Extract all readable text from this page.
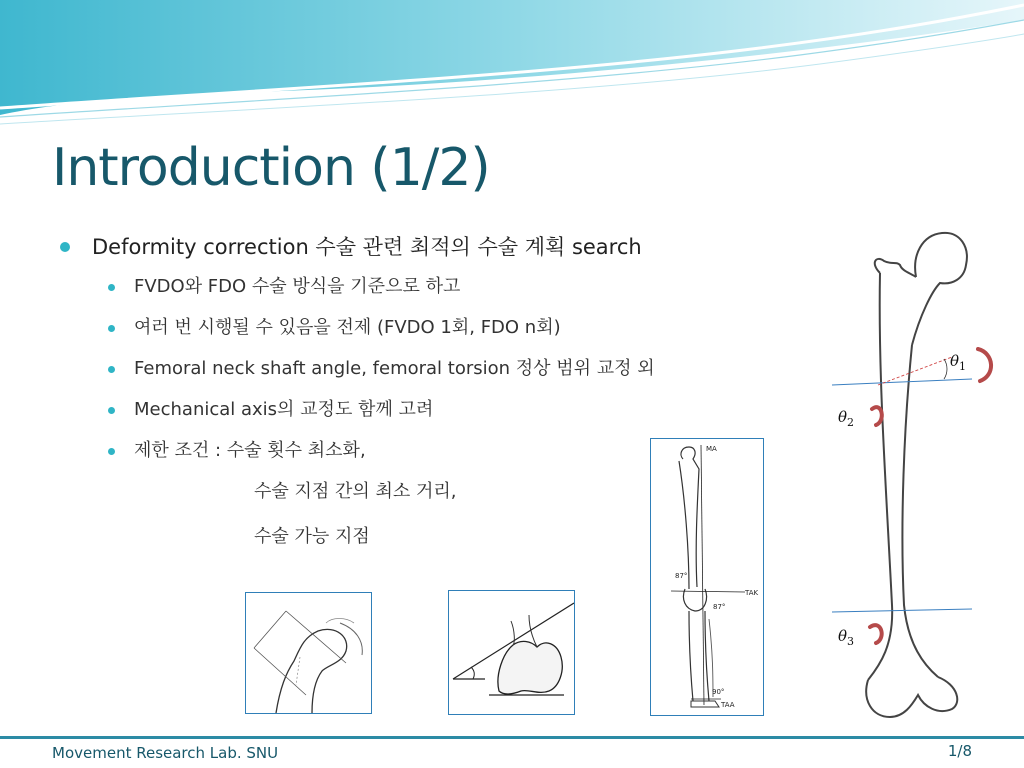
Introduction (1/2)
Deformity correction 수술 관련 최적의 수술 계획 search
FVDO와 FDO 수술 방식을 기준으로 하고
여러 번 시행될 수 있음을 전제 (FVDO 1회, FDO n회)
Femoral neck shaft angle, femoral torsion 정상 범위 교정 외
Mechanical axis의 교정도 함께 고려
제한 조건 : 수술 횟수 최소화,
수술 지점 간의 최소 거리,
수술 가능 지점
MA
87°
TAK
87°
90°
TAA
$\theta_1$
$\theta_2$
$\theta_3$
Movement Research Lab. SNU	1/8
